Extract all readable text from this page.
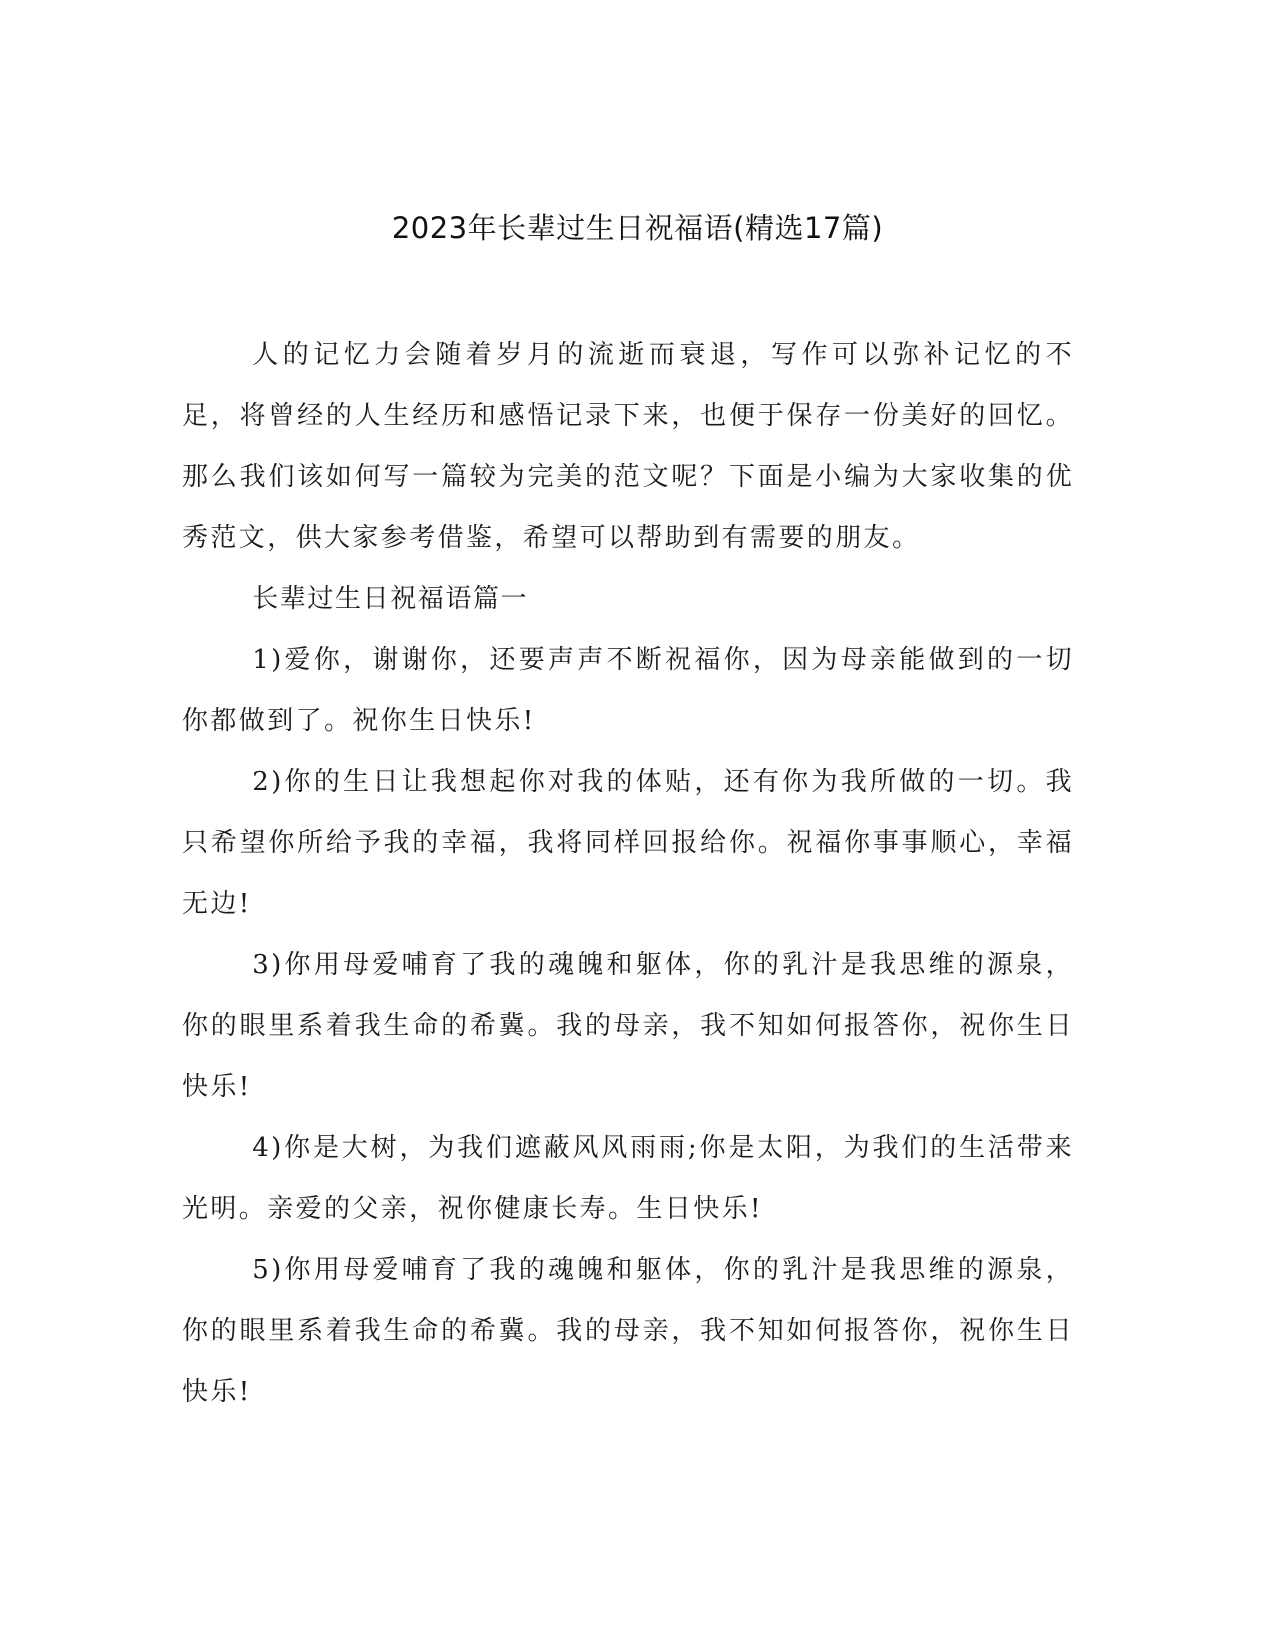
2023年长辈过生日祝福语(精选17篇)

人的记忆力会随着岁月的流逝而衰退，写作可以弥补记忆的不足，将曾经的人生经历和感悟记录下来，也便于保存一份美好的回忆。那么我们该如何写一篇较为完美的范文呢？下面是小编为大家收集的优秀范文，供大家参考借鉴，希望可以帮助到有需要的朋友。

长辈过生日祝福语篇一

1)爱你，谢谢你，还要声声不断祝福你，因为母亲能做到的一切你都做到了。祝你生日快乐!

2)你的生日让我想起你对我的体贴，还有你为我所做的一切。我只希望你所给予我的幸福，我将同样回报给你。祝福你事事顺心，幸福无边!

3)你用母爱哺育了我的魂魄和躯体，你的乳汁是我思维的源泉，你的眼里系着我生命的希冀。我的母亲，我不知如何报答你，祝你生日快乐!

4)你是大树，为我们遮蔽风风雨雨;你是太阳，为我们的生活带来光明。亲爱的父亲，祝你健康长寿。生日快乐!

5)你用母爱哺育了我的魂魄和躯体，你的乳汁是我思维的源泉，你的眼里系着我生命的希冀。我的母亲，我不知如何报答你，祝你生日快乐!
